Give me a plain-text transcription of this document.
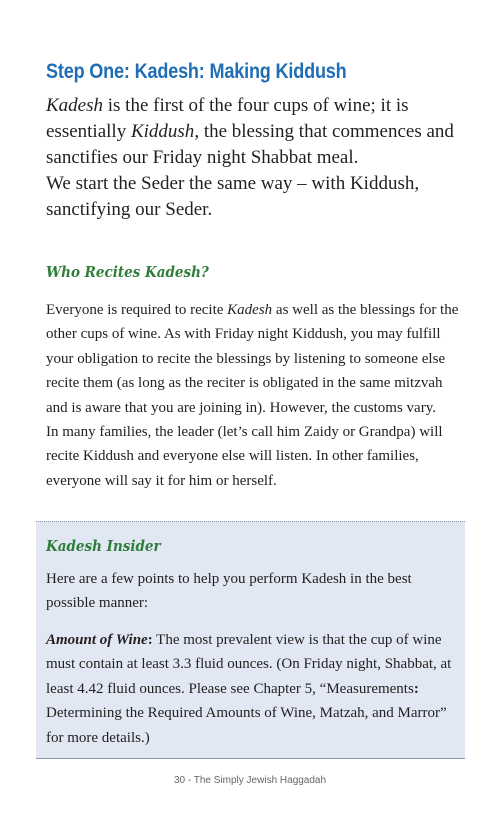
Step One: Kadesh: Making Kiddush

Kadesh is the first of the four cups of wine; it is essentially Kiddush, the blessing that commences and sanctifies our Friday night Shabbat meal.

We start the Seder the same way – with Kiddush, sanctifying our Seder.

Who Recites Kadesh?

Everyone is required to recite Kadesh as well as the blessings for the other cups of wine. As with Friday night Kiddush, you may fulfill your obligation to recite the blessings by listening to someone else recite them (as long as the reciter is obligated in the same mitzvah and is aware that you are joining in). However, the customs vary.

In many families, the leader (let’s call him Zaidy or Grandpa) will recite Kiddush and everyone else will listen. In other families, everyone will say it for him or herself.

Kadesh Insider

Here are a few points to help you perform Kadesh in the best possible manner:

Amount of Wine: The most prevalent view is that the cup of wine must contain at least 3.3 fluid ounces. (On Friday night, Shabbat, at least 4.42 fluid ounces. Please see Chapter 5, “Measurements: Determining the Required Amounts of Wine, Matzah, and Marror” for more details.)

30 - The Simply Jewish Haggadah
